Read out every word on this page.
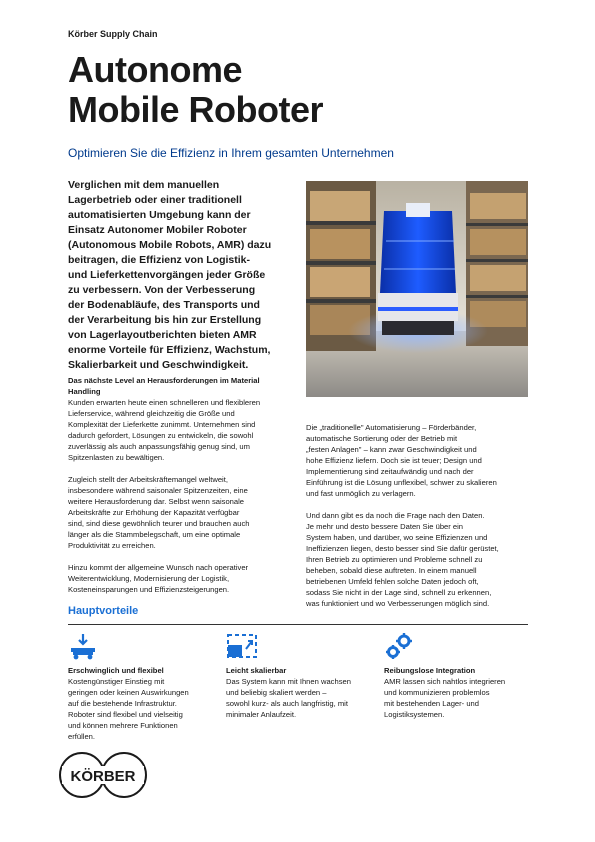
Körber Supply Chain
Autonome
Mobile Roboter
Optimieren Sie die Effizienz in Ihrem gesamten Unternehmen
Verglichen mit dem manuellen
Lagerbetrieb oder einer traditionell
automatisierten Umgebung kann der
Einsatz Autonomer Mobiler Roboter
(Autonomous Mobile Robots, AMR) dazu
beitragen, die Effizienz von Logistik-
und Lieferkettenvorgängen jeder Größe
zu verbessern. Von der Verbesserung
der Bodenabläufe, des Transports und
der Verarbeitung bis hin zur Erstellung
von Lagerlayoutberichten bieten AMR
enorme Vorteile für Effizienz, Wachstum,
Skalierbarkeit und Geschwindigkeit.
Das nächste Level an Herausforderungen im Material
Handling
Kunden erwarten heute einen schnelleren und flexibleren
Lieferservice, während gleichzeitig die Größe und
Komplexität der Lieferkette zunimmt. Unternehmen sind
dadurch gefordert, Lösungen zu entwickeln, die sowohl
zuverlässig als auch anpassungsfähig genug sind, um
Spitzenlasten zu bewältigen.
Zugleich stellt der Arbeitskräftemangel weltweit,
insbesondere während saisonaler Spitzenzeiten, eine
weitere Herausforderung dar. Selbst wenn saisonale
Arbeitskräfte zur Erhöhung der Kapazität verfügbar
sind, sind diese gewöhnlich teurer und brauchen auch
länger als die Stammbelegschaft, um eine optimale
Produktivität zu erreichen.
Hinzu kommt der allgemeine Wunsch nach operativer
Weiterentwicklung, Modernisierung der Logistik,
Kosteneinsparungen und Effizienzsteigerungen.
Die „traditionelle" Automatisierung – Förderbänder,
automatische Sortierung oder der Betrieb mit
„festen Anlagen" – kann zwar Geschwindigkeit und
hohe Effizienz liefern. Doch sie ist teuer; Design und
Implementierung sind zeitaufwändig und nach der
Einführung ist die Lösung unflexibel, schwer zu skalieren
und fast unmöglich zu verlagern.
Und dann gibt es da noch die Frage nach den Daten.
Je mehr und desto bessere Daten Sie über ein
System haben, und darüber, wo seine Effizienzen und
Ineffizienzen liegen, desto besser sind Sie dafür gerüstet,
Ihren Betrieb zu optimieren und Probleme schnell zu
beheben, sobald diese auftreten. In einem manuell
betriebenen Umfeld fehlen solche Daten jedoch oft,
sodass Sie nicht in der Lage sind, schnell zu erkennen,
was funktioniert und wo Verbesserungen möglich sind.
Hauptvorteile
Erschwinglich und flexibel
Kostengünstiger Einstieg mit
geringen oder keinen Auswirkungen
auf die bestehende Infrastruktur.
Roboter sind flexibel und vielseitig
und können mehrere Funktionen
erfüllen.
Leicht skalierbar
Das System kann mit Ihnen wachsen
und beliebig skaliert werden –
sowohl kurz- als auch langfristig, mit
minimaler Anlaufzeit.
Reibungslose Integration
AMR lassen sich nahtlos integrieren
und kommunizieren problemlos
mit bestehenden Lager- und
Logistiksystemen.
KÖRBER
